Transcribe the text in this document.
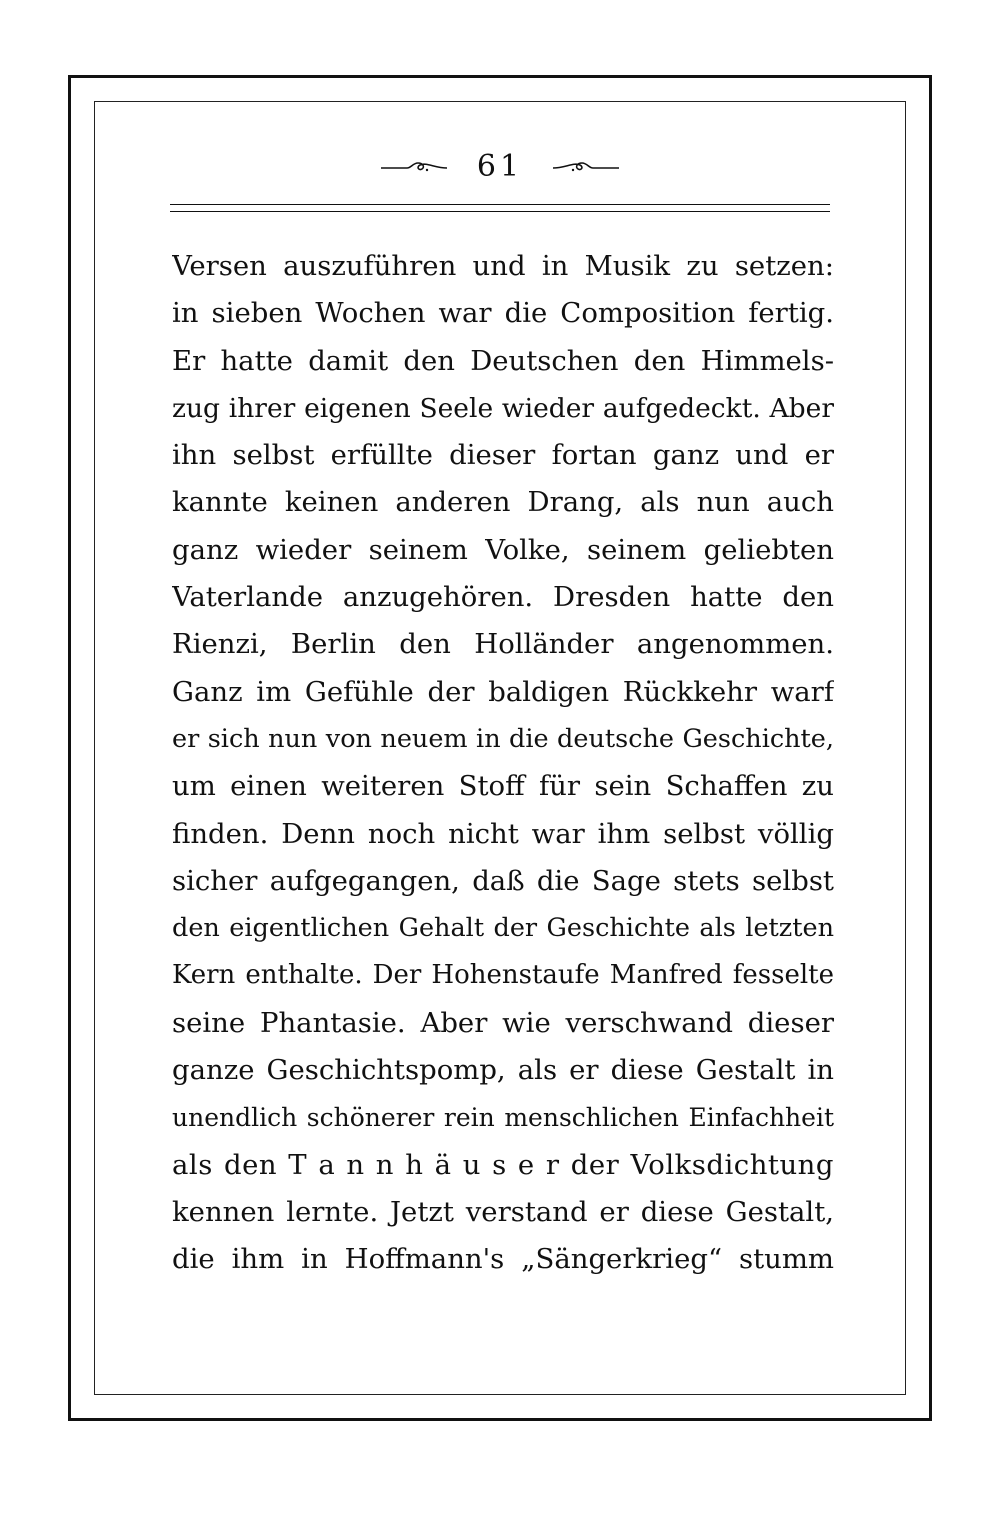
61
Versen auszuführen und in Musik zu setzen:
in sieben Wochen war die Composition fertig.
Er hatte damit den Deutschen den Himmels-
zug ihrer eigenen Seele wieder aufgedeckt. Aber
ihn selbst erfüllte dieser fortan ganz und er
kannte keinen anderen Drang, als nun auch
ganz wieder seinem Volke, seinem geliebten
Vaterlande anzugehören. Dresden hatte den
Rienzi, Berlin den Holländer angenommen.
Ganz im Gefühle der baldigen Rückkehr warf
er sich nun von neuem in die deutsche Geschichte,
um einen weiteren Stoff für sein Schaffen zu
finden. Denn noch nicht war ihm selbst völlig
sicher aufgegangen, daß die Sage stets selbst
den eigentlichen Gehalt der Geschichte als letzten
Kern enthalte. Der Hohenstaufe Manfred fesselte
seine Phantasie. Aber wie verschwand dieser
ganze Geschichtspomp, als er diese Gestalt in
unendlich schönerer rein menschlichen Einfachheit
als den T a n n h ä u s e r der Volksdichtung
kennen lernte. Jetzt verstand er diese Gestalt,
die ihm in Hoffmann's „Sängerkrieg“ stumm
